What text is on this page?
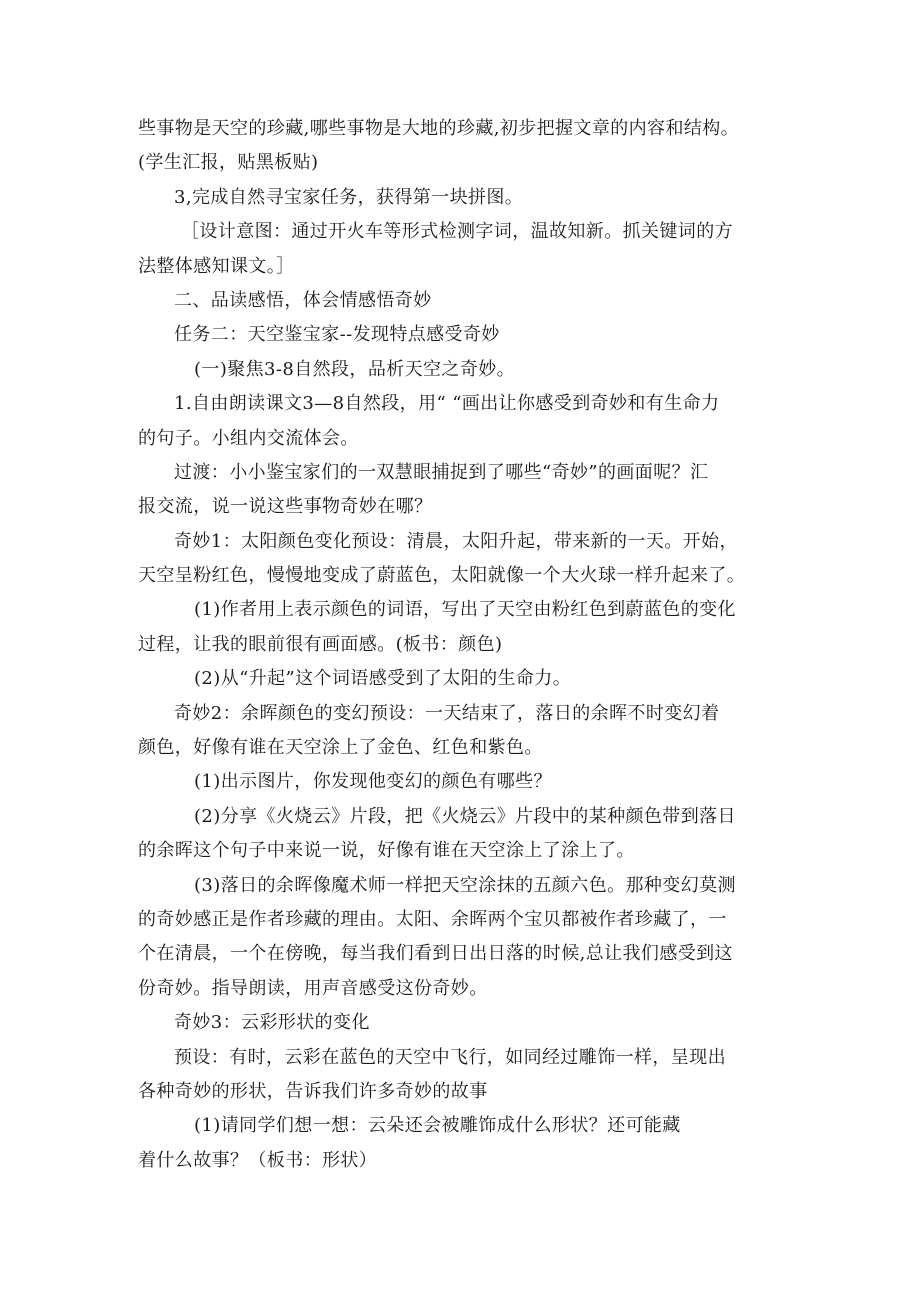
些事物是天空的珍藏,哪些事物是大地的珍藏,初步把握文章的内容和结构。
(学生汇报，贴黑板贴)
3,完成自然寻宝家任务，获得第一块拼图。
［设计意图：通过开火车等形式检测字词，温故知新。抓关键词的方
法整体感知课文。］
二、品读感悟，体会情感悟奇妙
任务二：天空鉴宝家--发现特点感受奇妙
(一)聚焦3-8自然段，品析天空之奇妙。
1.自由朗读课文3—8自然段，用“ “画出让你感受到奇妙和有生命力
的句子。小组内交流体会。
过渡：小小鉴宝家们的一双慧眼捕捉到了哪些“奇妙”的画面呢？汇
报交流，说一说这些事物奇妙在哪？
奇妙1：太阳颜色变化预设：清晨，太阳升起，带来新的一天。开始，
天空呈粉红色，慢慢地变成了蔚蓝色，太阳就像一个大火球一样升起来了。
(1)作者用上表示颜色的词语，写出了天空由粉红色到蔚蓝色的变化
过程，让我的眼前很有画面感。(板书：颜色)
(2)从“升起”这个词语感受到了太阳的生命力。
奇妙2：余晖颜色的变幻预设：一天结束了，落日的余晖不时变幻着
颜色，好像有谁在天空涂上了金色、红色和紫色。
(1)出示图片，你发现他变幻的颜色有哪些？
(2)分享《火烧云》片段，把《火烧云》片段中的某种颜色带到落日
的余晖这个句子中来说一说，好像有谁在天空涂上了涂上了。
(3)落日的余晖像魔术师一样把天空涂抹的五颜六色。那种变幻莫测
的奇妙感正是作者珍藏的理由。太阳、余晖两个宝贝都被作者珍藏了，一
个在清晨，一个在傍晚，每当我们看到日出日落的时候,总让我们感受到这
份奇妙。指导朗读，用声音感受这份奇妙。
奇妙3：云彩形状的变化
预设：有时，云彩在蓝色的天空中飞行，如同经过雕饰一样，呈现出
各种奇妙的形状，告诉我们许多奇妙的故事
(1)请同学们想一想：云朵还会被雕饰成什么形状？还可能藏
着什么故事？（板书：形状）
